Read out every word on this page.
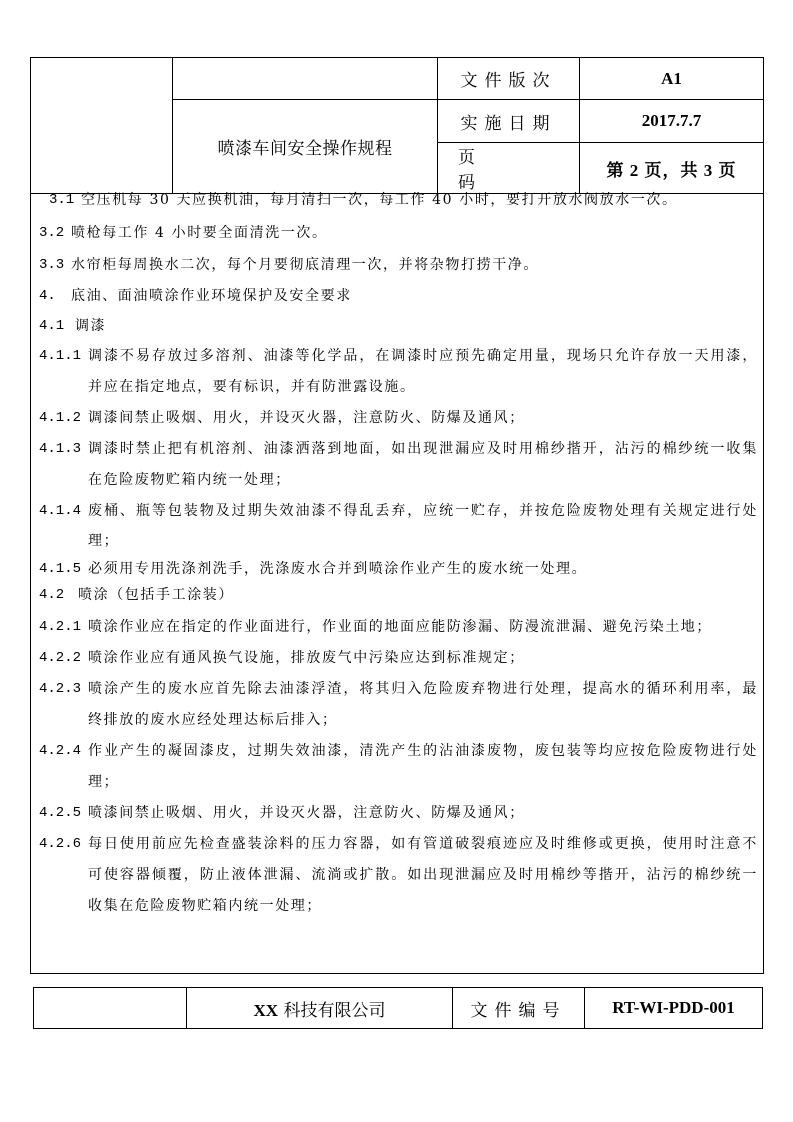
		文件版次	A1
	喷漆车间安全操作规程	实施日期	2017.7.7
		页码	第 2 页，共 3 页
3.1 空压机每 30 天应换机油，每月清扫一次，每工作 40 小时，要打开放水阀放水一次。
3.2 喷枪每工作 4 小时要全面清洗一次。
3.3 水帘柜每周换水二次，每个月要彻底清理一次，并将杂物打捞干净。
4. 底油、面油喷涂作业环境保护及安全要求
4.1 调漆
4.1.1 调漆不易存放过多溶剂、油漆等化学品，在调漆时应预先确定用量，现场只允许存放一天用漆，
并应在指定地点，要有标识，并有防泄露设施。
4.1.2 调漆间禁止吸烟、用火，并设灭火器，注意防火、防爆及通风；
4.1.3 调漆时禁止把有机溶剂、油漆洒落到地面，如出现泄漏应及时用棉纱揩开，沾污的棉纱统一收集
在危险废物贮箱内统一处理；
4.1.4 废桶、瓶等包装物及过期失效油漆不得乱丢弃，应统一贮存，并按危险废物处理有关规定进行处
理；
4.1.5 必须用专用洗涤剂洗手，洗涤废水合并到喷涂作业产生的废水统一处理。
4.2 喷涂（包括手工涂装）
4.2.1 喷涂作业应在指定的作业面进行，作业面的地面应能防渗漏、防漫流泄漏、避免污染土地；
4.2.2 喷涂作业应有通风换气设施，排放废气中污染应达到标准规定；
4.2.3 喷涂产生的废水应首先除去油漆浮渣，将其归入危险废弃物进行处理，提高水的循环利用率，最
终排放的废水应经处理达标后排入；
4.2.4 作业产生的凝固漆皮，过期失效油漆，清洗产生的沾油漆废物，废包装等均应按危险废物进行处
理；
4.2.5 喷漆间禁止吸烟、用火，并设灭火器，注意防火、防爆及通风；
4.2.6 每日使用前应先检查盛装涂料的压力容器，如有管道破裂痕迹应及时维修或更换，使用时注意不
可使容器倾覆，防止液体泄漏、流淌或扩散。如出现泄漏应及时用棉纱等揩开，沾污的棉纱统一
收集在危险废物贮箱内统一处理；
	XX 科技有限公司	文件编号	RT-WI-PDD-001
